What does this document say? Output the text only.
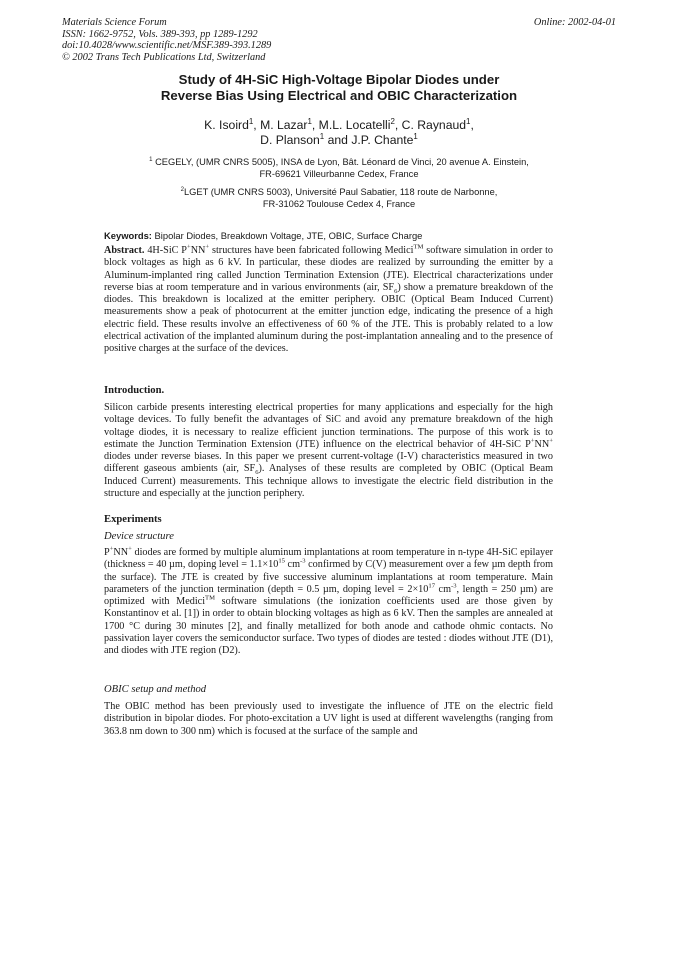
Materials Science Forum
ISSN: 1662-9752, Vols. 389-393, pp 1289-1292
doi:10.4028/www.scientific.net/MSF.389-393.1289
© 2002 Trans Tech Publications Ltd, Switzerland
Online: 2002-04-01
Study of 4H-SiC High-Voltage Bipolar Diodes under
Reverse Bias Using Electrical and OBIC Characterization
K. Isoird$^1$, M. Lazar$^1$, M.L. Locatelli$^2$, C. Raynaud$^1$,
D. Planson$^1$ and J.P. Chante$^1$
$^1$ CEGELY, (UMR CNRS 5005), INSA de Lyon, Bât. Léonard de Vinci, 20 avenue A. Einstein,
FR-69621 Villeurbanne Cedex, France
$^2$LGET (UMR CNRS 5003), Université Paul Sabatier, 118 route de Narbonne,
FR-31062 Toulouse Cedex 4, France
Keywords: Bipolar Diodes, Breakdown Voltage, JTE, OBIC, Surface Charge
Abstract. 4H-SiC P+NN+ structures have been fabricated following Medici™ software simulation in order to block voltages as high as 6 kV. In particular, these diodes are realized by surrounding the emitter by a Aluminum-implanted ring called Junction Termination Extension (JTE). Electrical characterizations under reverse bias at room temperature and in various environments (air, $SF_6$) show a premature breakdown of the diodes. This breakdown is localized at the emitter periphery. OBIC (Optical Beam Induced Current) measurements show a peak of photocurrent at the emitter junction edge, indicating the presence of a high electric field. These results involve an effectiveness of 60 % of the JTE. This is probably related to a low electrical activation of the implanted aluminum during the post-implantation annealing and to the presence of positive charges at the surface of the devices.
Introduction.
Silicon carbide presents interesting electrical properties for many applications and especially for the high voltage devices. To fully benefit the advantages of SiC and avoid any premature breakdown of the high voltage diodes, it is necessary to realize efficient junction terminations. The purpose of this work is to estimate the Junction Termination Extension (JTE) influence on the electrical behavior of 4H-SiC P+NN+ diodes under reverse biases. In this paper we present current-voltage (I-V) characteristics measured in two different gaseous ambients (air, $SF_6$). Analyses of these results are completed by OBIC (Optical Beam Induced Current) measurements. This technique allows to investigate the electric field distribution in the structure and especially at the junction periphery.
Experiments
Device structure
P+NN+ diodes are formed by multiple aluminum implantations at room temperature in n-type 4H-SiC epilayer (thickness = 40 µm, doping level = $1.1\times 10^{15}$ $cm^{-3}$ confirmed by C(V) measurement over a few µm depth from the surface). The JTE is created by five successive aluminum implantations at room temperature. Main parameters of the junction termination (depth = 0.5 µm, doping level = $2\times 10^{17}$ $cm^{-3}$, length = 250 µm) are optimized with Medici™ software simulations (the ionization coefficients used are those given by Konstantinov et al. [1]) in order to obtain blocking voltages as high as 6 kV. Then the samples are annealed at 1700 °C during 30 minutes [2], and finally metallized for both anode and cathode ohmic contacts. No passivation layer covers the semiconductor surface. Two types of diodes are tested : diodes without JTE (D1), and diodes with JTE region (D2).
OBIC setup and method
The OBIC method has been previously used to investigate the influence of JTE on the electric field distribution in bipolar diodes. For photo-excitation a UV light is used at different wavelengths (ranging from 363.8 nm down to 300 nm) which is focused at the surface of the sample and
